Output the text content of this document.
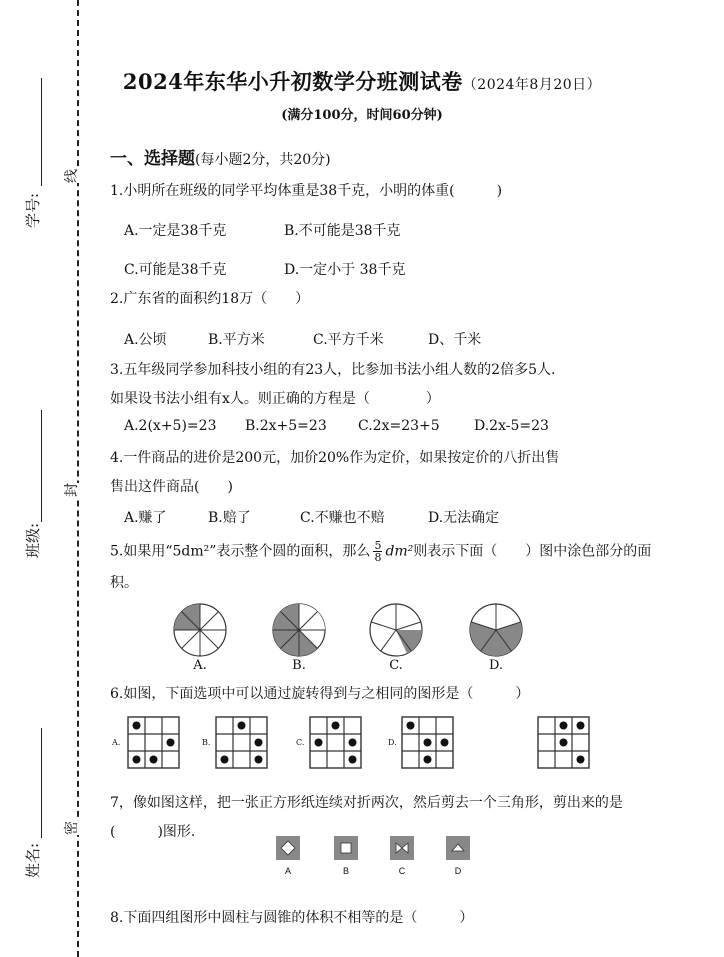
学号:
线
班级:
封
姓名:
密
2024年东华小升初数学分班测试卷（2024年8月20日）
(满分100分，时间60分钟)
一、选择题(每小题2分，共20分)
1.小明所在班级的同学平均体重是38千克，小明的体重(　　　)
A.一定是38千克	B.不可能是38千克
C.可能是38千克	D.一定小于 38千克
2.广东省的面积约18万（　　）
A.公顷	B.平方米	C.平方千米	D、千米
3.五年级同学参加科技小组的有23人，比参加书法小组人数的2倍多5人.
如果设书法小组有x人。则正确的方程是（　　　　）
A.2(x+5)=23 B.2x+5=23 C.2x=23+5 D.2x-5=23
4.一件商品的进价是200元，加价20%作为定价，如果按定价的八折出售
售出这件商品(　　)
A.赚了	B.赔了	C.不赚也不赔	D.无法确定
5.如果用“5dm²”表示整个圆的面积，那么 $\frac{5}{8} dm^2$则表示下面（　　）图中涂色部分的面
积。
A.	B.	C.	D.
6.如图，下面选项中可以通过旋转得到与之相同的图形是（　　　）
A.	B.	C.	D.
7，像如图这样，把一张正方形纸连续对折两次，然后剪去一个三角形，剪出来的是
(　　　)图形.
A	B	C	D
8.下面四组图形中圆柱与圆锥的体积不相等的是（　　　）
